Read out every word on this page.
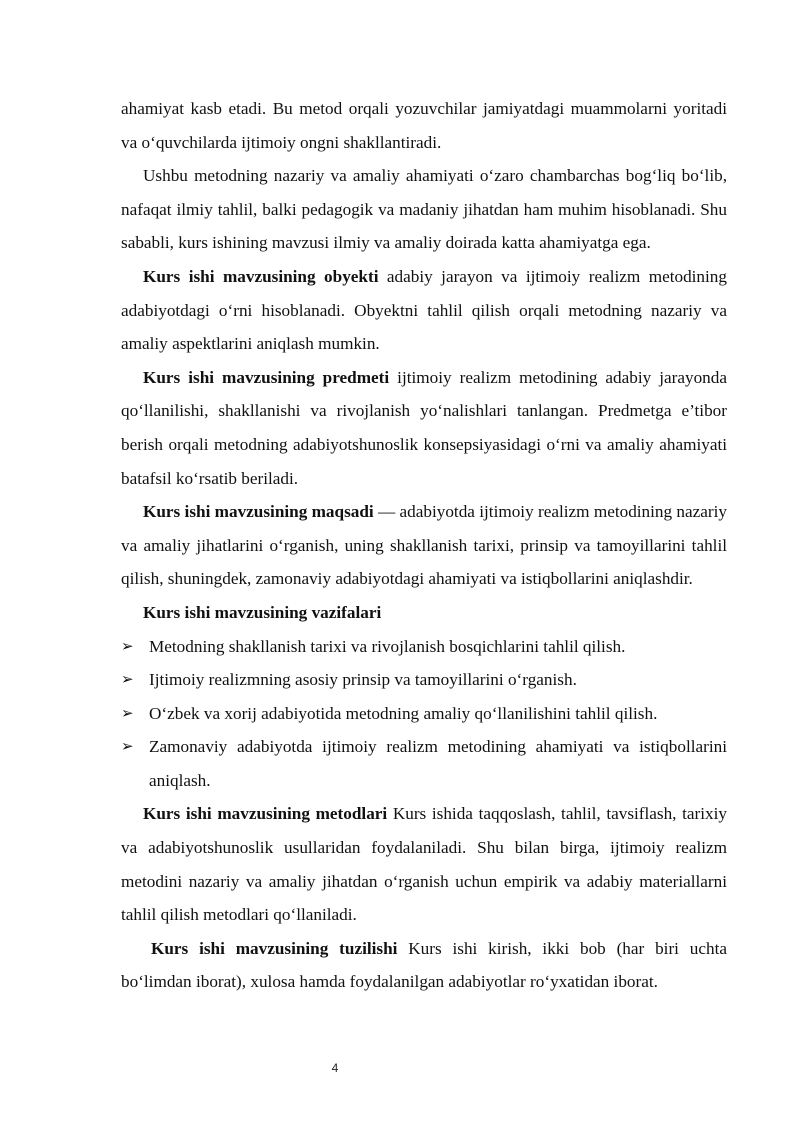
ahamiyat kasb etadi. Bu metod orqali yozuvchilar jamiyatdagi muammolarni yoritadi va o‘quvchilarda ijtimoiy ongni shakllantiradi.

Ushbu metodning nazariy va amaliy ahamiyati o‘zaro chambarchas bog‘liq bo‘lib, nafaqat ilmiy tahlil, balki pedagogik va madaniy jihatdan ham muhim hisoblanadi. Shu sababli, kurs ishining mavzusi ilmiy va amaliy doirada katta ahamiyatga ega.

Kurs ishi mavzusining obyekti adabiy jarayon va ijtimoiy realizm metodining adabiyotdagi o‘rni hisoblanadi. Obyektni tahlil qilish orqali metodning nazariy va amaliy aspektlarini aniqlash mumkin.

Kurs ishi mavzusining predmeti ijtimoiy realizm metodining adabiy jarayonda qo‘llanilishi, shakllanishi va rivojlanish yo‘nalishlari tanlangan. Predmetga e’tibor berish orqali metodning adabiyotshunoslik konsepsiyasidagi o‘rni va amaliy ahamiyati batafsil ko‘rsatib beriladi.

Kurs ishi mavzusining maqsadi — adabiyotda ijtimoiy realizm metodining nazariy va amaliy jihatlarini o‘rganish, uning shakllanish tarixi, prinsip va tamoyillarini tahlil qilish, shuningdek, zamonaviy adabiyotdagi ahamiyati va istiqbollarini aniqlashdir.

Kurs ishi mavzusining vazifalari

➢ Metodning shakllanish tarixi va rivojlanish bosqichlarini tahlil qilish.
➢ Ijtimoiy realizmning asosiy prinsip va tamoyillarini o‘rganish.
➢ O‘zbek va xorij adabiyotida metodning amaliy qo‘llanilishini tahlil qilish.
➢ Zamonaviy adabiyotda ijtimoiy realizm metodining ahamiyati va istiqbollarini aniqlash.

Kurs ishi mavzusining metodlari Kurs ishida taqqoslash, tahlil, tavsiflash, tarixiy va adabiyotshunoslik usullaridan foydalaniladi. Shu bilan birga, ijtimoiy realizm metodini nazariy va amaliy jihatdan o‘rganish uchun empirik va adabiy materiallarni tahlil qilish metodlari qo‘llaniladi.

Kurs ishi mavzusining tuzilishi Kurs ishi kirish, ikki bob (har biri uchta bo‘limdan iborat), xulosa hamda foydalanilgan adabiyotlar ro‘yxatidan iborat.

4
